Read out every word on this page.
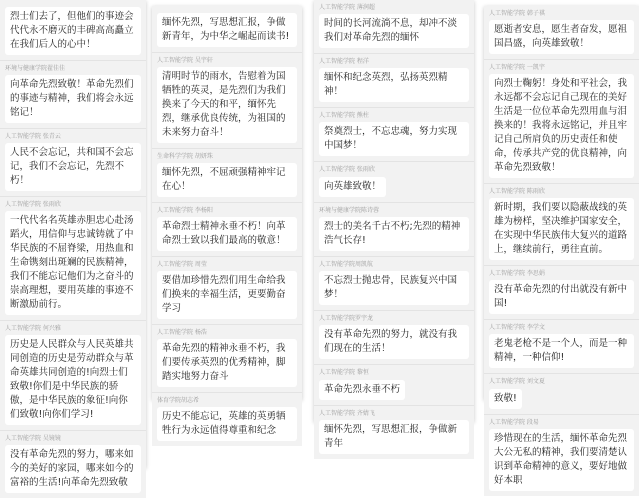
烈士们去了，但他们的事迹会代代永不磨灭的丰碑高高矗立在我们后人的心中！
环境与健康学院翟佳佳
向革命先烈致敬！革命先烈们的事迹与精神，我们将会永远铭记！
人工智能学院 张青云
人民不会忘记，共和国不会忘记，我们不会忘记，先烈不朽！
人工智能学院 张雨欣
一代代名名英雄赤胆忠心赴汤蹈火，用信仰与忠诚铸就了中华民族的不屈脊梁，用热血和生命镌刻出斑斓的民族精神，我们不能忘记他们为之奋斗的崇高理想，要用英雄的事迹不断激励前行。
人工智能学院 何兴雅
历史是人民群众与人民英雄共同创造的历史是劳动群众与革命英雄共同创造的!向烈士们致敬!你们是中华民族的骄傲，是中华民族的象征!向你们致敬!向你们学习!
人工智能学院 吴镜镜
没有革命先烈的努力，哪来如今的美好的家园，哪来如今的富裕的生活!向革命先烈致敬
缅怀先烈，写思想汇报，争做新青年，为中华之崛起而读书!
人工智能学院 吴宇轩
清明时节的雨水，告慰着为国牺牲的英灵，是先烈们为我们换来了今天的和平，缅怀先烈，继承优良传统，为祖国的未来努力奋斗！
生命科学学院 胡妍珠
缅怀先烈，不屈顽强精神牢记在心！
人工智能学院 李杨阳
革命烈士精神永垂不朽！向革命烈士致以我们最高的敬意！
人工智能学院 周莹
要借加珍惜先烈们用生命给我们换来的幸福生活，更要勤奋学习
人工智能学院 杨浩
革命先烈的精神永垂不朽，我们要传承英烈的优秀精神，脚踏实地努力奋斗
体育学院胡志希
历史不能忘记，英雄的英勇牺牲行为永远值得尊重和纪念
人工智能学院 薄润超
时间的长河流淌不息，却冲不淡我们对革命先烈的缅怀
人工智能学院 程洋
缅怀和纪念英烈，弘扬英烈精神！
人工智能学院 熊柱
祭奠烈士，不忘忠魂，努力实现中国梦！
人工智能学院 张雨欣
向英雄致敬！
环境与健康学院陈诗蓉
烈士的美名千古不朽;先烈的精神浩气长存!
人工智能学院周凯航
不忘烈士抛忠骨，民族复兴中国梦！
人工智能学院罗宇龙
没有革命先烈的努力，就没有我们现在的生活！
人工智能学院 黎恒
革命先烈永垂不朽
人工智能学院 齐婧飞
缅怀先烈，写思想汇报，争做新青年
人工智能学院 韩子祺
愿逝者安息，愿生者奋发，愿祖国昌盛，向英雄致敬！
人工智能学院 一凯宇
向烈士鞠躬！身处和平社会，我永远都不会忘记自己现在的美好生活是一位位革命先烈用血与泪换来的！我将永远铭记，并且牢记自己所肩负的历史责任和使命，传承共产党的优良精神，向革命先烈致敬！
人工智能学院 陈雨欣
新时期，我们要以隐蔽战线的英雄为榜样，坚决维护国家安全，在实现中华民族伟大复兴的道路上，继续前行，勇往直前。
人工智能学院 李思娟
没有革命先烈的付出就没有新中国!
人工智能学院 李学文
老鬼老枪不是一个人，而是一种精神，一种信仰!
人工智能学院 刘文夏
致敬!
人工智能学院 段易
珍惜现在的生活，缅怀革命先烈大公无私的精神，我们要清楚认识到革命精神的意义，要好地做好本职
